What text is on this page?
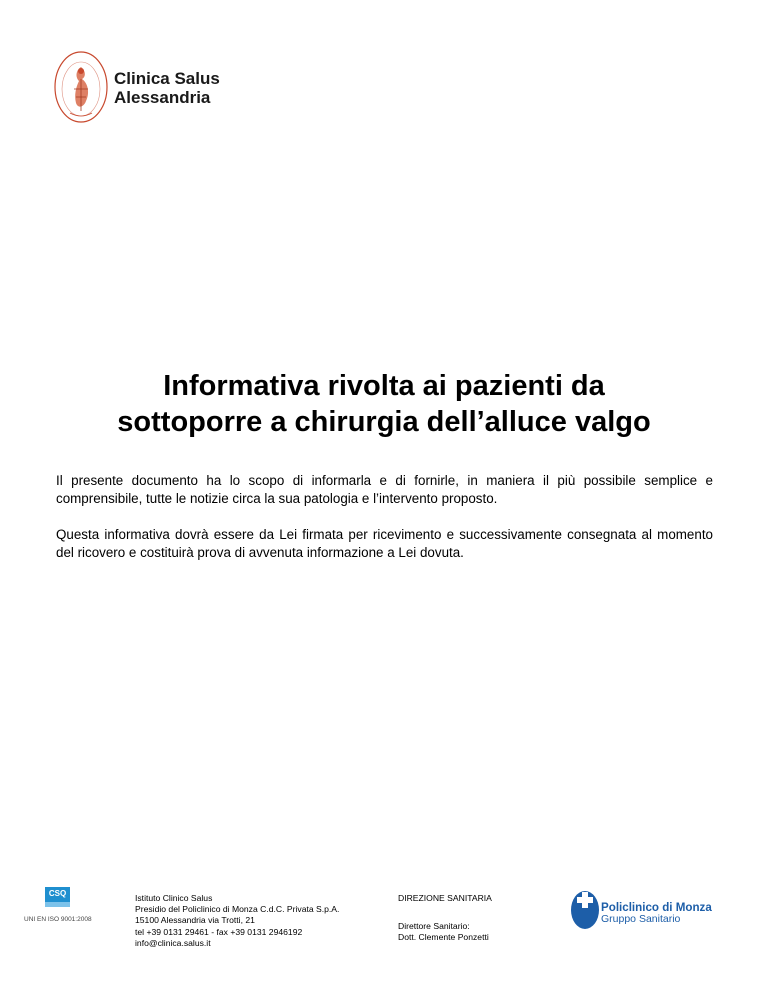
Clinica Salus
Alessandria
Informativa rivolta ai pazienti da
sottoporre a chirurgia dell’alluce valgo

Il presente documento ha lo scopo di informarla e di fornirle, in maniera il più possibile semplice e comprensibile, tutte le notizie circa la sua patologia e l’intervento proposto.

Questa informativa dovrà essere da Lei firmata per ricevimento e successivamente consegnata al momento del ricovero e costituirà prova di avvenuta informazione a Lei dovuta.

CSQ
UNI EN ISO 9001:2008
Istituto Clinico Salus
Presidio del Policlinico di Monza C.d.C. Privata S.p.A.
15100 Alessandria via Trotti, 21
tel +39 0131 29461 - fax +39 0131 2946192
info@clinica.salus.it
DIREZIONE SANITARIA
Direttore Sanitario:
Dott. Clemente Ponzetti
Policlinico di Monza
Gruppo Sanitario
